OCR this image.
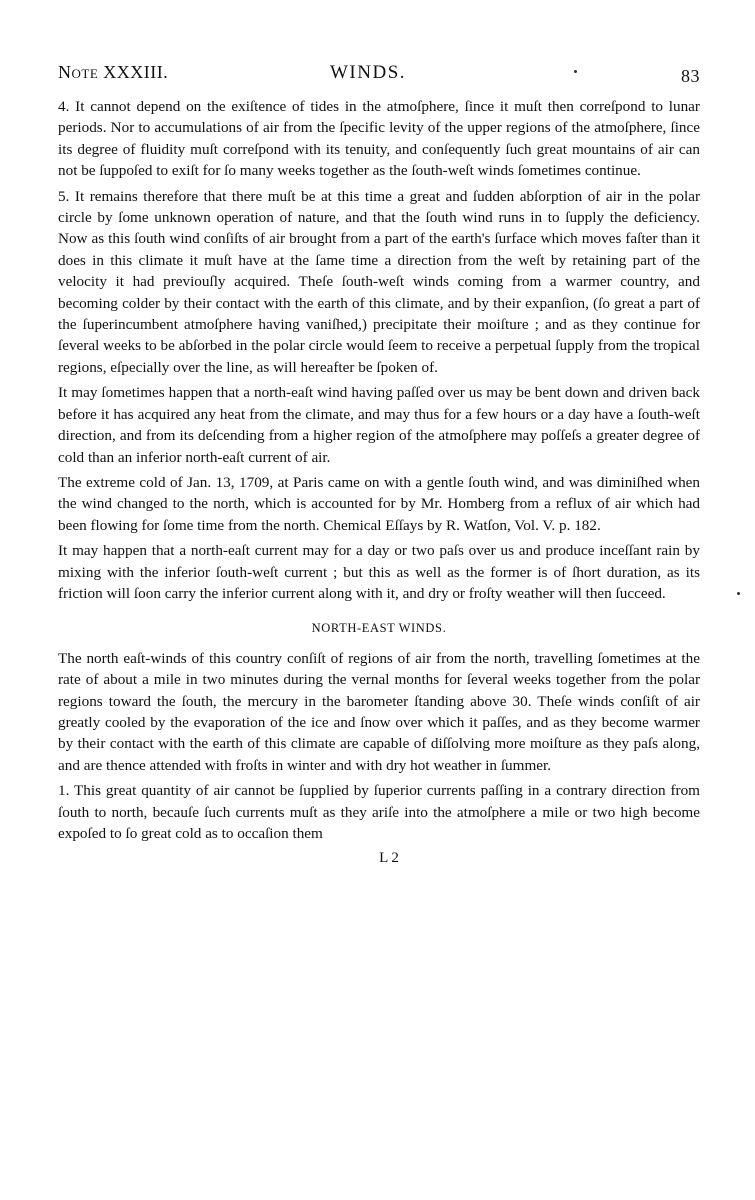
Note XXXIII.	WINDS.	83

4. It cannot depend on the exiſtence of tides in the atmoſphere, ſince it muſt then correſpond to lunar periods. Nor to accumulations of air from the ſpecific levity of the upper regions of the atmoſphere, ſince its degree of fluidity muſt correſpond with its tenuity, and conſequently ſuch great mountains of air can not be ſuppoſed to exiſt for ſo many weeks together as the ſouth-weſt winds ſometimes continue.

5. It remains therefore that there muſt be at this time a great and ſudden abſorption of air in the polar circle by ſome unknown operation of nature, and that the ſouth wind runs in to ſupply the deficiency. Now as this ſouth wind conſiſts of air brought from a part of the earth's ſurface which moves faſter than it does in this climate it muſt have at the ſame time a direction from the weſt by retaining part of the velocity it had previouſly acquired. Theſe ſouth-weſt winds coming from a warmer country, and becoming colder by their contact with the earth of this climate, and by their expanſion, (ſo great a part of the ſuperincumbent atmoſphere having vaniſhed,) precipitate their moiſture ; and as they continue for ſeveral weeks to be abſorbed in the polar circle would ſeem to receive a perpetual ſupply from the tropical regions, eſpecially over the line, as will hereafter be ſpoken of.

It may ſometimes happen that a north-eaſt wind having paſſed over us may be bent down and driven back before it has acquired any heat from the climate, and may thus for a few hours or a day have a ſouth-weſt direction, and from its deſcending from a higher region of the atmoſphere may poſſeſs a greater degree of cold than an inferior north-eaſt current of air.

The extreme cold of Jan. 13, 1709, at Paris came on with a gentle ſouth wind, and was diminiſhed when the wind changed to the north, which is accounted for by Mr. Homberg from a reflux of air which had been flowing for ſome time from the north. Chemical Eſſays by R. Watſon, Vol. V. p. 182.

It may happen that a north-eaſt current may for a day or two paſs over us and produce inceſſant rain by mixing with the inferior ſouth-weſt current ; but this as well as the former is of ſhort duration, as its friction will ſoon carry the inferior current along with it, and dry or froſty weather will then ſucceed.

NORTH-EAST WINDS.

The north eaſt-winds of this country conſiſt of regions of air from the north, travelling ſometimes at the rate of about a mile in two minutes during the vernal months for ſeveral weeks together from the polar regions toward the ſouth, the mercury in the barometer ſtanding above 30. Theſe winds conſiſt of air greatly cooled by the evaporation of the ice and ſnow over which it paſſes, and as they become warmer by their contact with the earth of this climate are capable of diſſolving more moiſture as they paſs along, and are thence attended with froſts in winter and with dry hot weather in ſummer.

1. This great quantity of air cannot be ſupplied by ſuperior currents paſſing in a contrary direction from ſouth to north, becauſe ſuch currents muſt as they ariſe into the atmoſphere a mile or two high become expoſed to ſo great cold as to occaſion them

L 2
